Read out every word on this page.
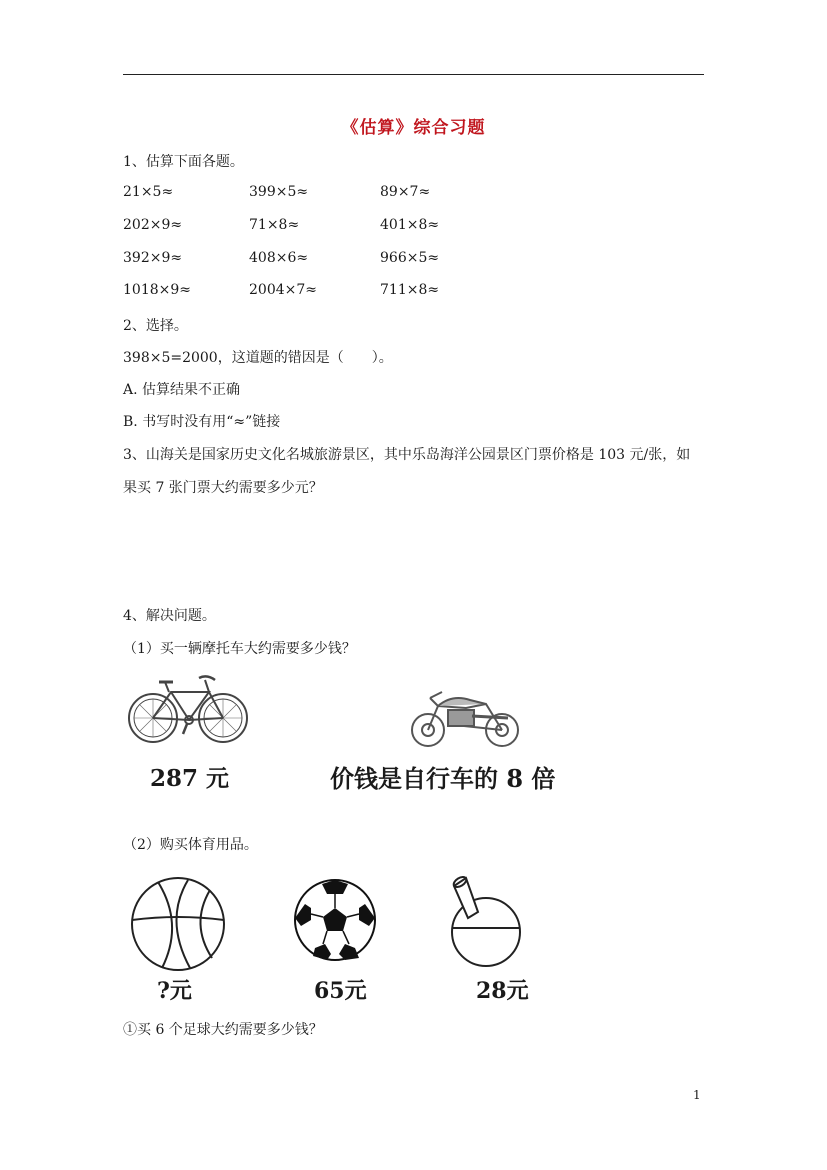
《估算》综合习题
1、估算下面各题。
21×5≈	399×5≈	89×7≈
202×9≈	71×8≈	401×8≈
392×9≈	408×6≈	966×5≈
1018×9≈	2004×7≈	711×8≈
2、选择。
398×5=2000，这道题的错因是（　　）。
A. 估算结果不正确
B. 书写时没有用“≈”链接
3、山海关是国家历史文化名城旅游景区，其中乐岛海洋公园景区门票价格是 103 元/张，如
果买 7 张门票大约需要多少元？
4、解决问题。
（1）买一辆摩托车大约需要多少钱？
287 元	价钱是自行车的 8 倍
（2）购买体育用品。
?元	65元	28元
①买 6 个足球大约需要多少钱？
1
